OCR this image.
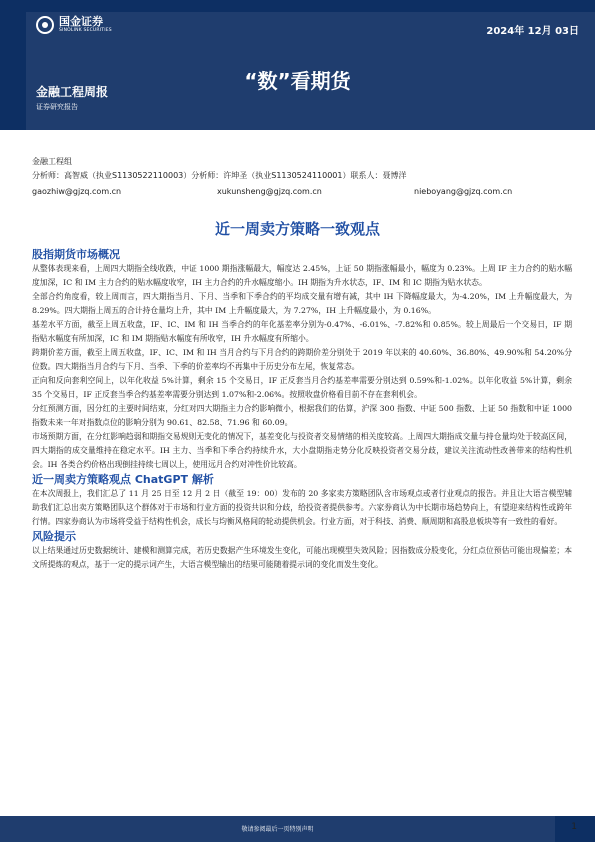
国金证券
SINOLINK SECURITIES	2024年 12月 03日
“数”看期货
金融工程周报
证券研究报告
金融工程组
分析师：高智威（执业S1130522110003）分析师：许坤圣（执业S1130524110001）联系人：聂博洋
gaozhiw@gjzq.com.cn	xukunsheng@gjzq.com.cn	nieboyang@gjzq.com.cn
近一周卖方策略一致观点
股指期货市场概况
从整体表现来看，上周四大期指全线收跌，中证 1000 期指涨幅最大，幅度达 2.45%，上证 50 期指涨幅最小，幅度为 0.23%。上周 IF 主力合约的贴水幅度加深，IC 和 IM 主力合约的贴水幅度收窄，IH 主力合约的升水幅度缩小。IH 期指为升水状态，IF、IM 和 IC 期指为贴水状态。
全部合约角度看，较上周而言，四大期指当月、下月、当季和下季合约的平均成交量有增有减，其中 IH 下降幅度最大，为-4.20%，IM 上升幅度最大，为 8.29%。四大期指上周五的合计持仓量均上升，其中 IM 上升幅度最大，为 7.27%，IH 上升幅度最小，为 0.16%。
基差水平方面，截至上周五收盘，IF、IC、IM 和 IH 当季合约的年化基差率分别为-0.47%、-6.01%、-7.82%和 0.85%。较上周最后一个交易日，IF 期指贴水幅度有所加深，IC 和 IM 期指贴水幅度有所收窄，IH 升水幅度有所缩小。
跨期价差方面，截至上周五收盘，IF、IC、IM 和 IH 当月合约与下月合约的跨期价差分别处于 2019 年以来的 40.60%、36.80%、49.90%和 54.20%分位数。四大期指当月合约与下月、当季、下季的价差率均不再集中于历史分布左尾，恢复常态。
正向和反向套利空间上，以年化收益 5%计算，剩余 15 个交易日，IF 正反套当月合约基差率需要分别达到 0.59%和-1.02%。以年化收益 5%计算，剩余 35 个交易日，IF 正反套当季合约基差率需要分别达到 1.07%和-2.06%。按照收盘价格看目前不存在套利机会。
分红预测方面，因分红的主要时间结束，分红对四大期指主力合约影响微小，根据我们的估算，沪深 300 指数、中证 500 指数、上证 50 指数和中证 1000 指数未来一年对指数点位的影响分别为 90.61、82.58、71.96 和 60.09。
市场预期方面，在分红影响趋弱和期指交易规则无变化的情况下，基差变化与投资者交易情绪的相关度较高。上周四大期指成交量与持仓量均处于较高区间，四大期指的成交量维持在稳定水平。IH 主力、当季和下季合约持续升水，大小盘期指走势分化反映投资者交易分歧，建议关注流动性改善带来的结构性机会。IH 各类合约价格出现倒挂持续七周以上，使用远月合约对冲性价比较高。
近一周卖方策略观点 ChatGPT 解析
在本次周报上，我们汇总了 11 月 25 日至 12 月 2 日（截至 19：00）发布的 20 多家卖方策略团队含市场观点或者行业观点的报告。并且让大语言模型辅助我们汇总出卖方策略团队这个群体对于市场和行业方面的投资共识和分歧，给投资者提供参考。六家券商认为中长期市场趋势向上，有望迎来结构性或跨年行情。四家券商认为市场将受益于结构性机会，成长与均衡风格间的轮动提供机会。行业方面，对于科技、消费、顺周期和高股息板块等有一致性的看好。
风险提示
以上结果通过历史数据统计、建模和测算完成，若历史数据产生环境发生变化，可能出现模型失效风险；因指数成分股变化，分红点位预估可能出现偏差；本文所提炼的观点，基于一定的提示词产生，大语言模型输出的结果可能随着提示词的变化而发生变化。
敬请参阅最后一页特别声明	1
